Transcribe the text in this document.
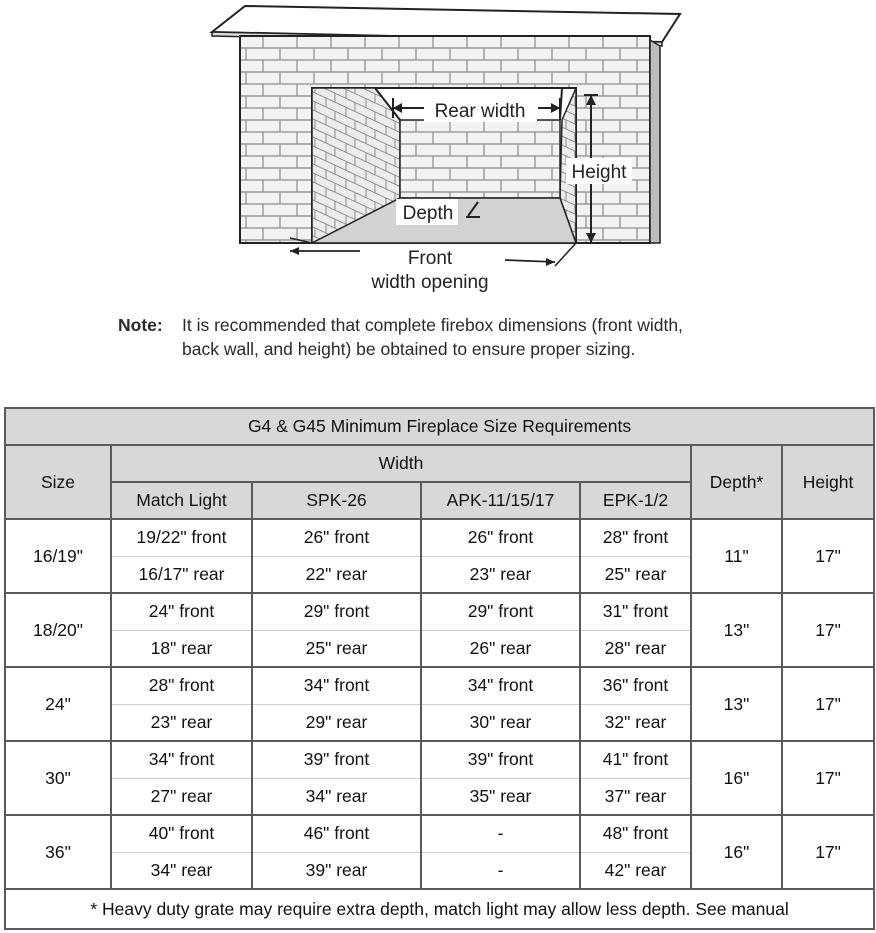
Rear width
Height
Depth
Front
width opening
Note: It is recommended that complete firebox dimensions (front width,
back wall, and height) be obtained to ensure proper sizing.
G4 & G45 Minimum Fireplace Size Requirements						
Size	Width				Depth*	Height
	Match Light	SPK-26	APK-11/15/17	EPK-1/2		
16/19"	19/22" front	26" front	26" front	28" front	11"	17"
	16/17" rear	22" rear	23" rear	25" rear		
18/20"	24" front	29" front	29" front	31" front	13"	17"
	18" rear	25" rear	26" rear	28" rear		
24"	28" front	34" front	34" front	36" front	13"	17"
	23" rear	29" rear	30" rear	32" rear		
30"	34" front	39" front	39" front	41" front	16"	17"
	27" rear	34" rear	35" rear	37" rear		
36"	40" front	46" front	-	48" front	16"	17"
	34" rear	39" rear	-	42" rear		
* Heavy duty grate may require extra depth, match light may allow less depth. See manual						
